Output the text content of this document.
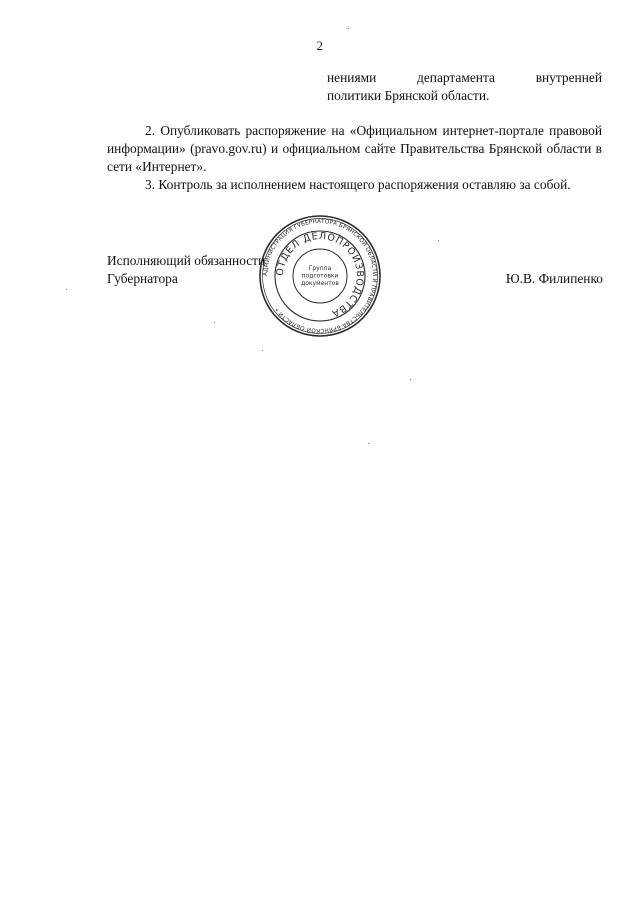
2
нениями	департамента	внутренней
политики Брянской области.

2. Опубликовать распоряжение на «Официальном интернет-портале правовой информации» (pravo.gov.ru) и официальном сайте Правительства Брянской области в сети «Интернет».

3. Контроль за исполнением настоящего распоряжения оставляю за собой.

Исполняющий обязанности
Губернатора	Ю.В. Филипенко
АДМИНИСТРАЦИЯ ГУБЕРНАТОРА БРЯНСКОЙ ОБЛАСТИ И ПРАВИТЕЛЬСТВА БРЯНСКОЙ ОБЛАСТИ •
ОТДЕЛ ДЕЛОПРОИЗВОДСТВА
Группа
подготовки
документов
